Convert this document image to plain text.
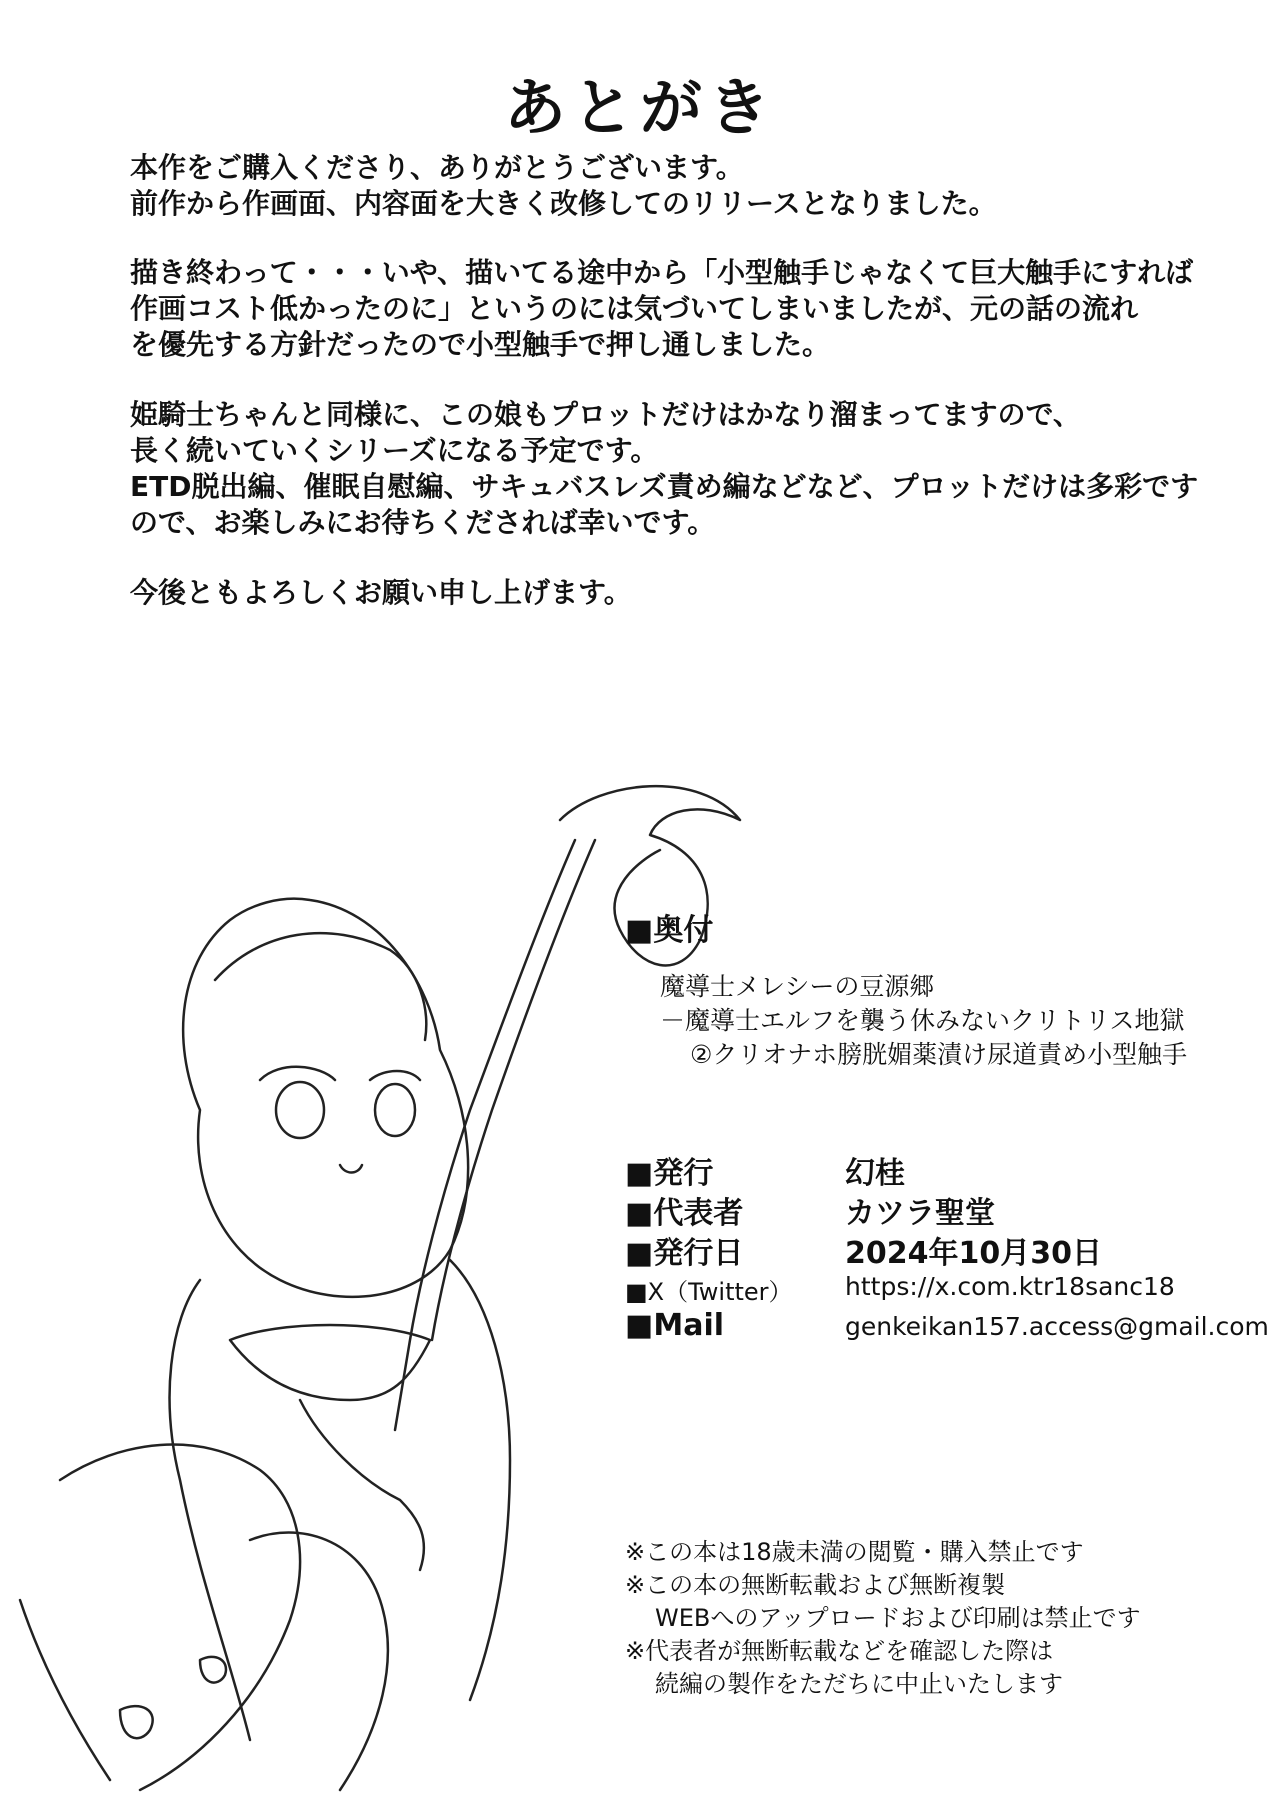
あとがき

本作をご購入くださり、ありがとうございます。
前作から作画面、内容面を大きく改修してのリリースとなりました。

描き終わって・・・いや、描いてる途中から「小型触手じゃなくて巨大触手にすれば
作画コスト低かったのに」というのには気づいてしまいましたが、元の話の流れ
を優先する方針だったので小型触手で押し通しました。

姫騎士ちゃんと同様に、この娘もプロットだけはかなり溜まってますので、
長く続いていくシリーズになる予定です。
ETD脱出編、催眠自慰編、サキュバスレズ責め編などなど、プロットだけは多彩です
ので、お楽しみにお待ちくだされば幸いです。

今後ともよろしくお願い申し上げます。

■奥付
魔導士メレシーの豆源郷
－魔導士エルフを襲う休みないクリトリス地獄
②クリオナホ膀胱媚薬漬け尿道責め小型触手
■発行	幻桂
■代表者	カツラ聖堂
■発行日	2024年10月30日
■X（Twitter） https://x.com.ktr18sanc18
■Mail	genkeikan157.access@gmail.com
※この本は18歳未満の閲覧・購入禁止です
※この本の無断転載および無断複製
WEBへのアップロードおよび印刷は禁止です
※代表者が無断転載などを確認した際は
続編の製作をただちに中止いたします
